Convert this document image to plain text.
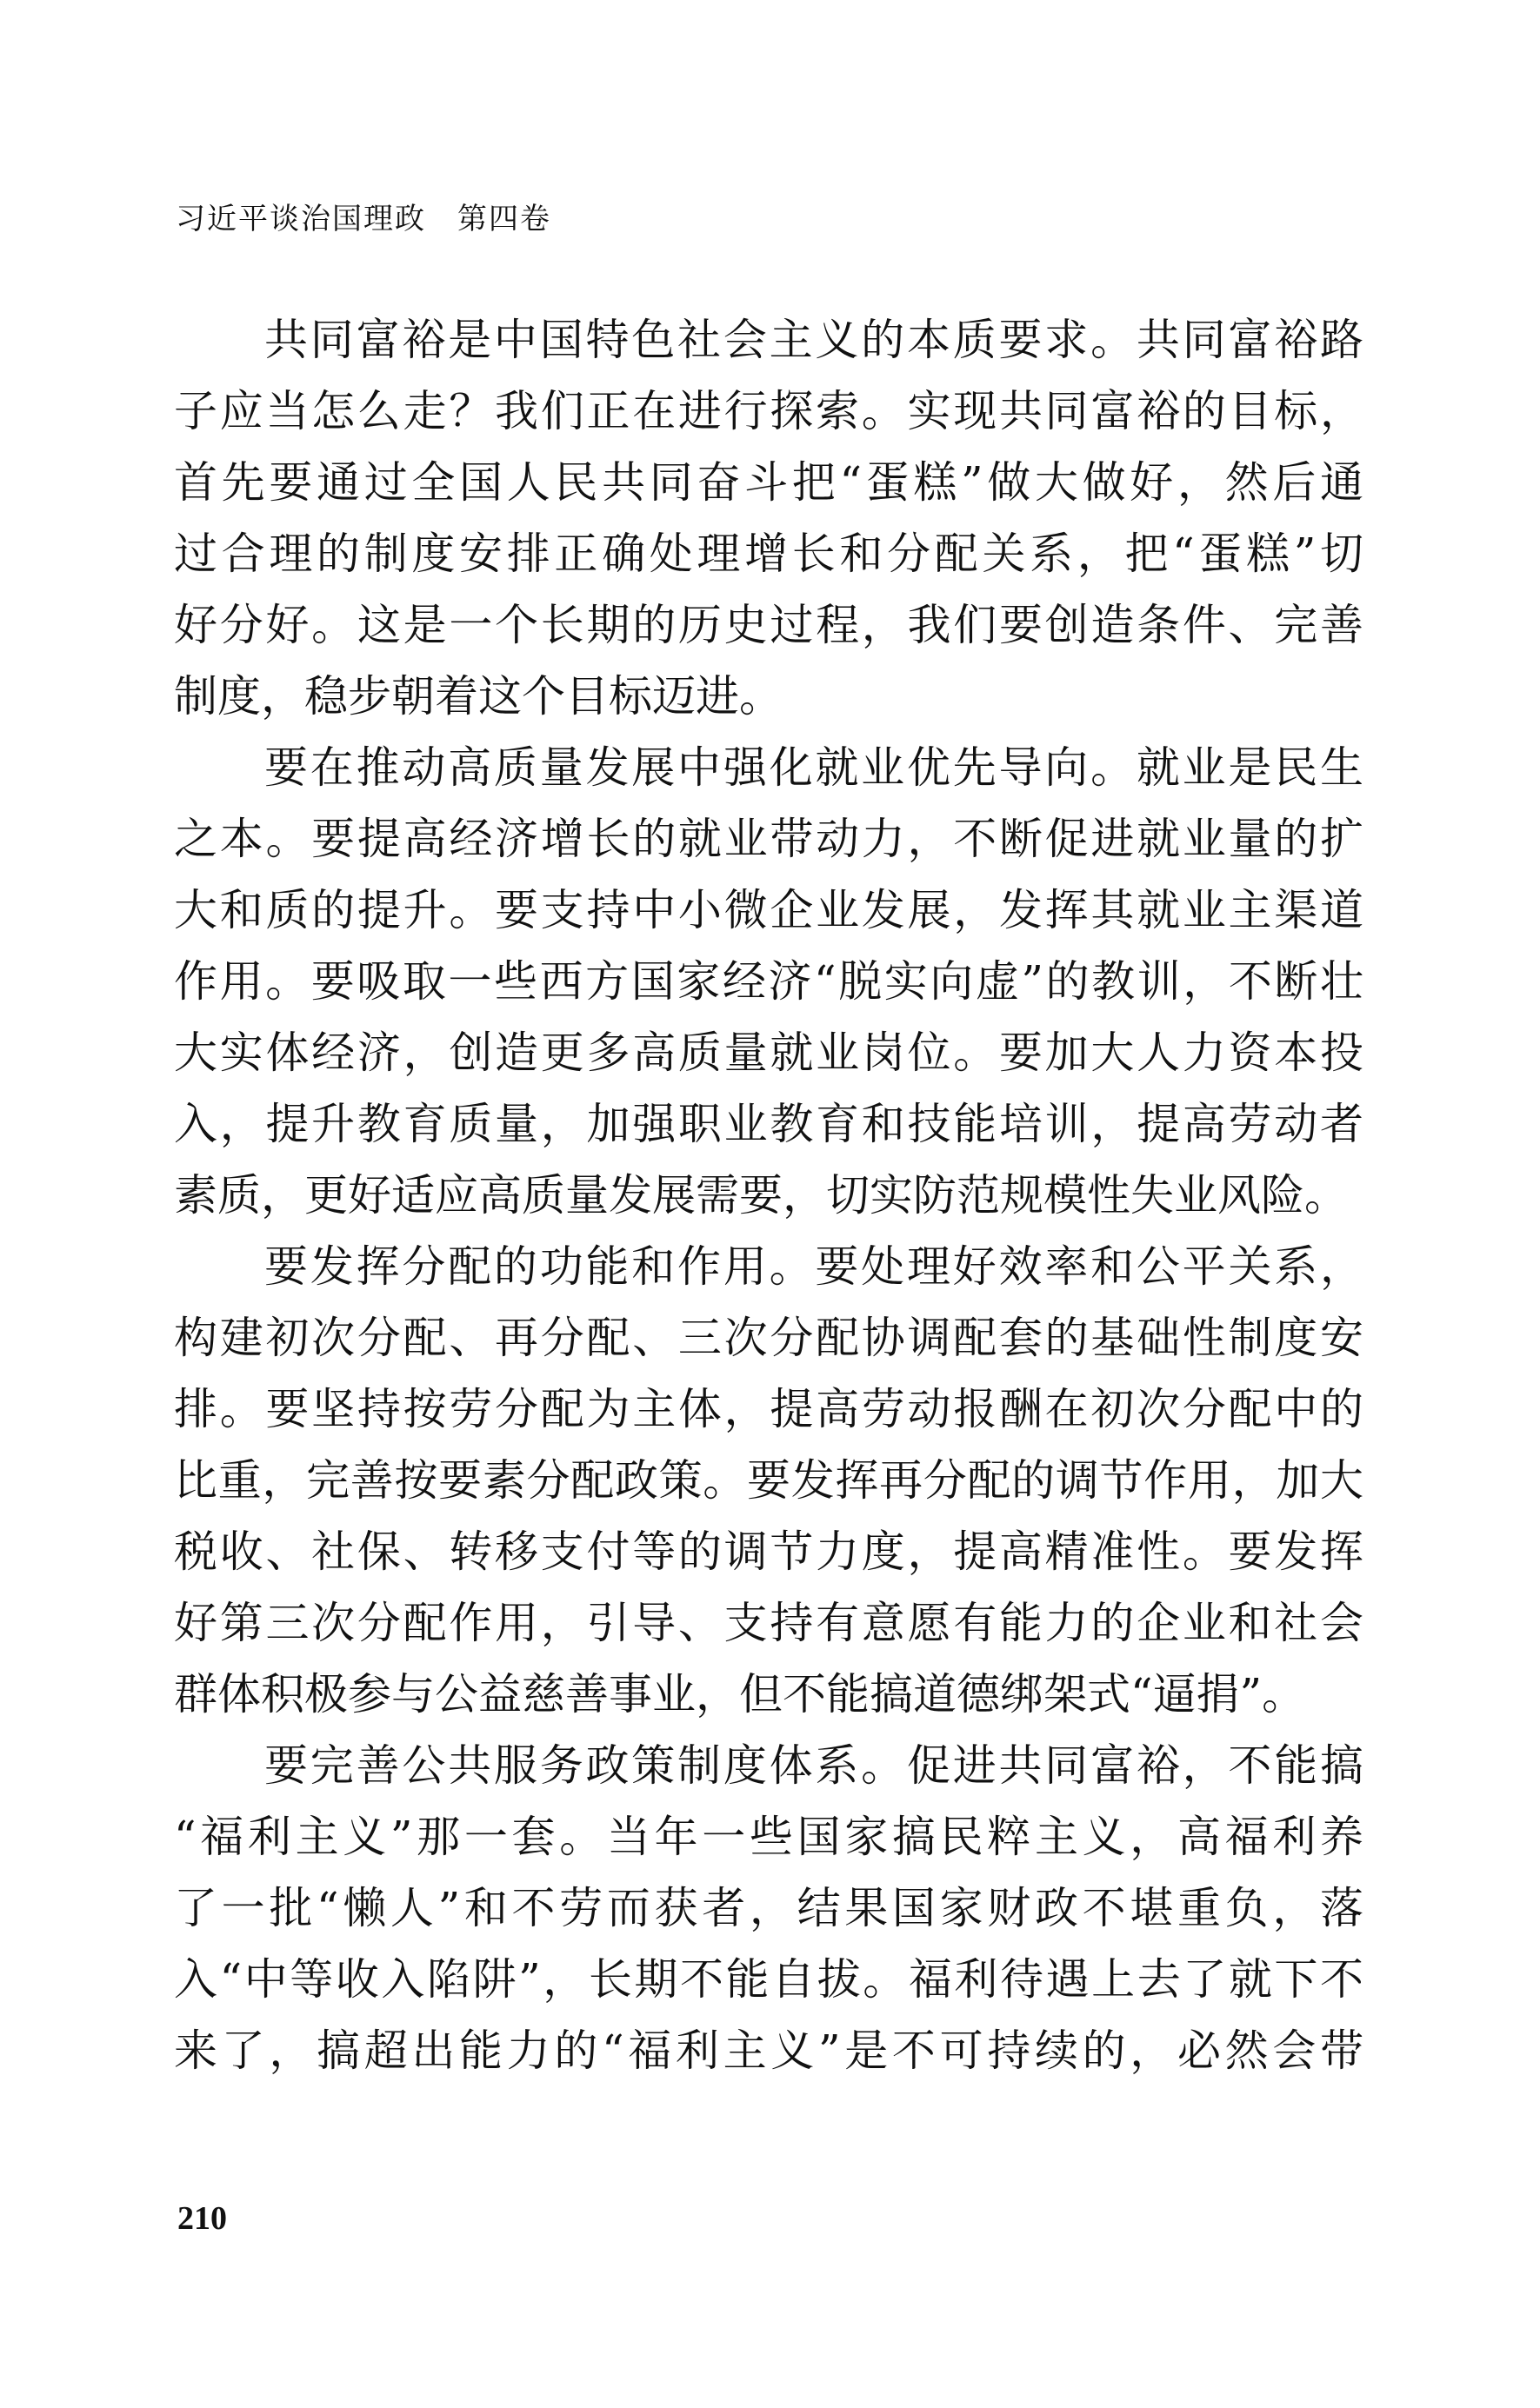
习近平谈治国理政　第四卷
共同富裕是中国特色社会主义的本质要求。共同富裕路
子应当怎么走？我们正在进行探索。实现共同富裕的目标，
首先要通过全国人民共同奋斗把“蛋糕”做大做好，然后通
过合理的制度安排正确处理增长和分配关系，把“蛋糕”切
好分好。这是一个长期的历史过程，我们要创造条件、完善
制度，稳步朝着这个目标迈进。
要在推动高质量发展中强化就业优先导向。就业是民生
之本。要提高经济增长的就业带动力，不断促进就业量的扩
大和质的提升。要支持中小微企业发展，发挥其就业主渠道
作用。要吸取一些西方国家经济“脱实向虚”的教训，不断壮
大实体经济，创造更多高质量就业岗位。要加大人力资本投
入，提升教育质量，加强职业教育和技能培训，提高劳动者
素质，更好适应高质量发展需要，切实防范规模性失业风险。
要发挥分配的功能和作用。要处理好效率和公平关系，
构建初次分配、再分配、三次分配协调配套的基础性制度安
排。要坚持按劳分配为主体，提高劳动报酬在初次分配中的
比重，完善按要素分配政策。要发挥再分配的调节作用，加大
税收、社保、转移支付等的调节力度，提高精准性。要发挥
好第三次分配作用，引导、支持有意愿有能力的企业和社会
群体积极参与公益慈善事业，但不能搞道德绑架式“逼捐”。
要完善公共服务政策制度体系。促进共同富裕，不能搞
“福利主义”那一套。当年一些国家搞民粹主义，高福利养
了一批“懒人”和不劳而获者，结果国家财政不堪重负，落
入“中等收入陷阱”，长期不能自拔。福利待遇上去了就下不
来了，搞超出能力的“福利主义”是不可持续的，必然会带
210
